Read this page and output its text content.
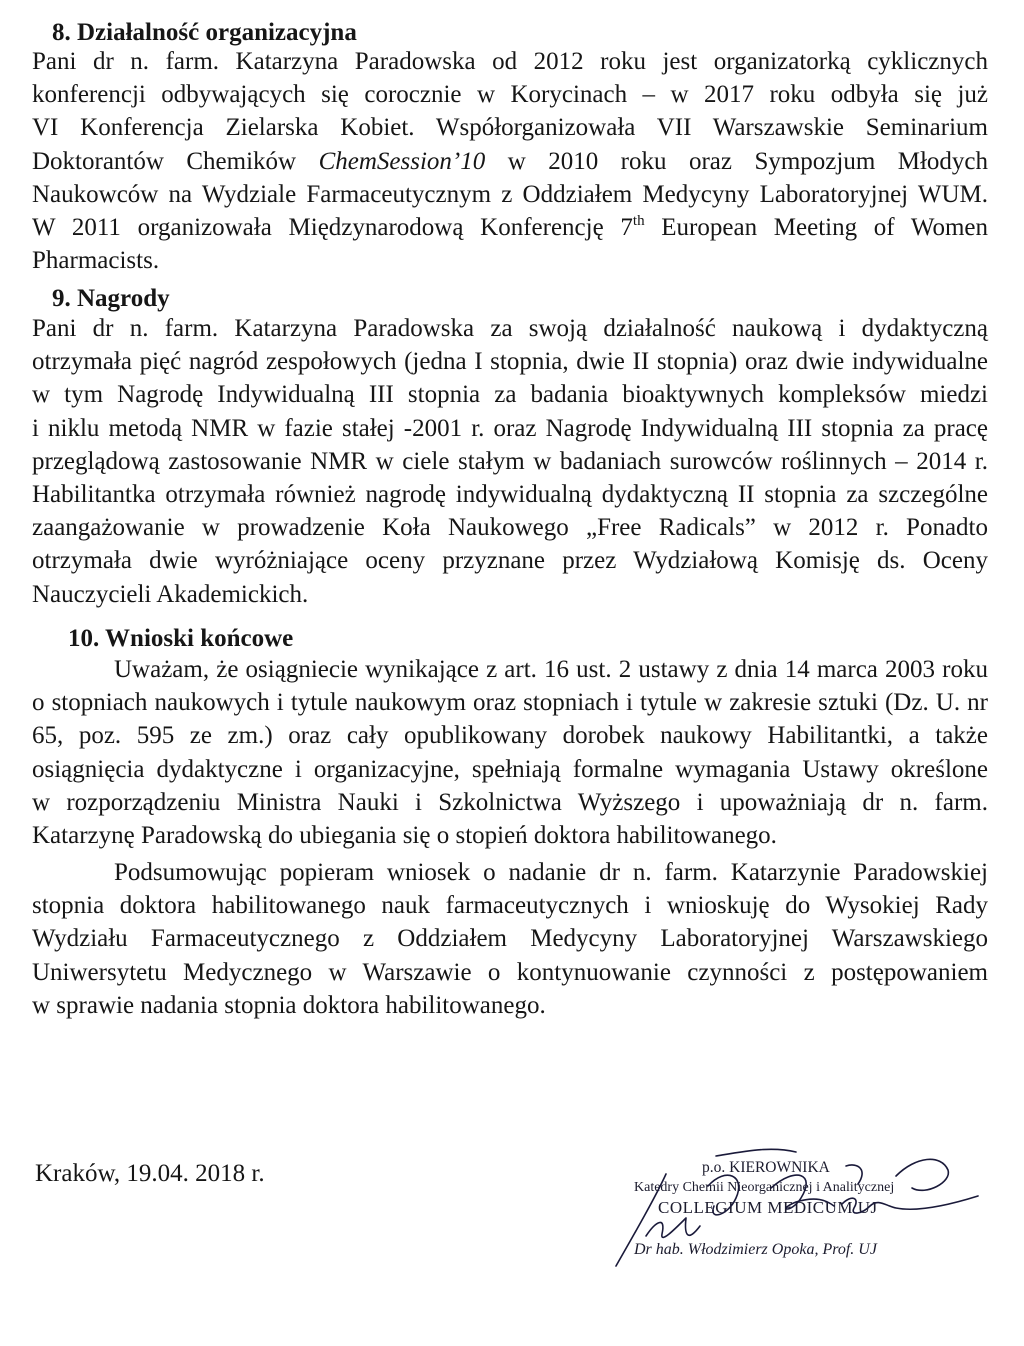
8. Działalność organizacyjna
Pani dr n. farm. Katarzyna Paradowska od 2012 roku jest organizatorką cyklicznych
konferencji odbywających się corocznie w Korycinach – w 2017 roku odbyła się już
VI Konferencja Zielarska Kobiet. Współorganizowała VII Warszawskie Seminarium
Doktorantów Chemików ChemSession’10 w 2010 roku oraz Sympozjum Młodych
Naukowców na Wydziale Farmaceutycznym z Oddziałem Medycyny Laboratoryjnej WUM.
W 2011 organizowała Międzynarodową Konferencję 7th European Meeting of Women
Pharmacists.
9. Nagrody
Pani dr n. farm. Katarzyna Paradowska za swoją działalność naukową i dydaktyczną
otrzymała pięć nagród zespołowych (jedna I stopnia, dwie II stopnia) oraz dwie indywidualne
w tym Nagrodę Indywidualną III stopnia za badania bioaktywnych kompleksów miedzi
i niklu metodą NMR w fazie stałej -2001 r. oraz Nagrodę Indywidualną III stopnia za pracę
przeglądową zastosowanie NMR w ciele stałym w badaniach surowców roślinnych – 2014 r.
Habilitantka otrzymała również nagrodę indywidualną dydaktyczną II stopnia za szczególne
zaangażowanie w prowadzenie Koła Naukowego „Free Radicals” w 2012 r. Ponadto
otrzymała dwie wyróżniające oceny przyznane przez Wydziałową Komisję ds. Oceny
Nauczycieli Akademickich.
10. Wnioski końcowe
Uważam, że osiągniecie wynikające z art. 16 ust. 2 ustawy z dnia 14 marca 2003 roku
o stopniach naukowych i tytule naukowym oraz stopniach i tytule w zakresie sztuki (Dz. U. nr
65, poz. 595 ze zm.) oraz cały opublikowany dorobek naukowy Habilitantki, a także
osiągnięcia dydaktyczne i organizacyjne, spełniają formalne wymagania Ustawy określone
w rozporządzeniu Ministra Nauki i Szkolnictwa Wyższego i upoważniają dr n. farm.
Katarzynę Paradowską do ubiegania się o stopień doktora habilitowanego.
Podsumowując popieram wniosek o nadanie dr n. farm. Katarzynie Paradowskiej
stopnia doktora habilitowanego nauk farmaceutycznych i wnioskuję do Wysokiej Rady
Wydziału Farmaceutycznego z Oddziałem Medycyny Laboratoryjnej Warszawskiego
Uniwersytetu Medycznego w Warszawie o kontynuowanie czynności z postępowaniem
w sprawie nadania stopnia doktora habilitowanego.

Kraków, 19.04. 2018 r.	p.o. KIEROWNIKA
Katedry Chemii Nieorganicznej i Analitycznej
COLLEGIUM MEDICUM UJ
Dr hab. Włodzimierz Opoka, Prof. UJ
